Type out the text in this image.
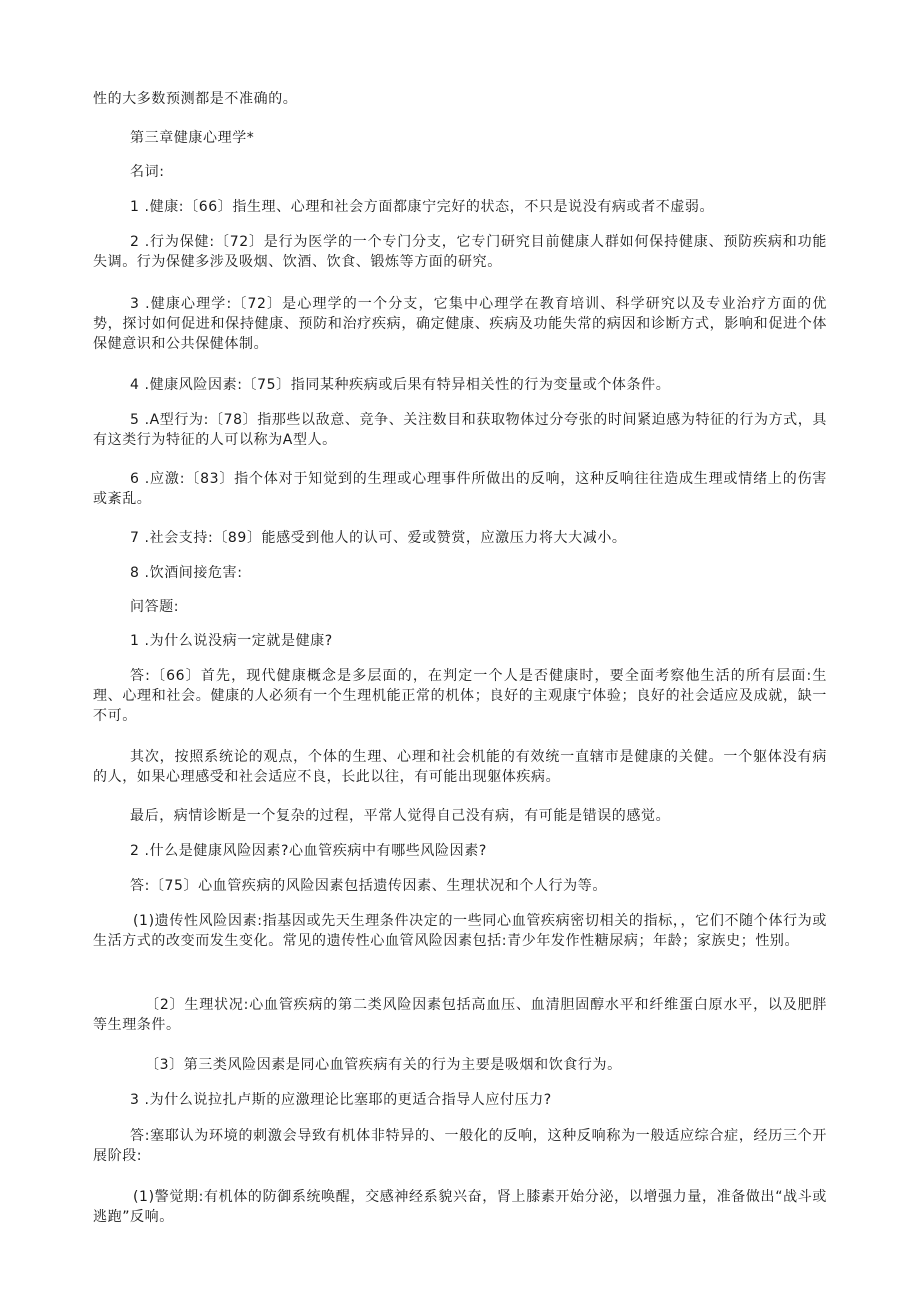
性的大多数预测都是不准确的。
第三章健康心理学*
名词:
1 .健康:〔66〕指生理、心理和社会方面都康宁完好的状态，不只是说没有病或者不虚弱。
2 .行为保健:〔72〕是行为医学的一个专门分支，它专门研究目前健康人群如何保持健康、预防疾病和功能失调。行为保健多涉及吸烟、饮酒、饮食、锻炼等方面的研究。
3 .健康心理学:〔72〕是心理学的一个分支，它集中心理学在教育培训、科学研究以及专业治疗方面的优势，探讨如何促进和保持健康、预防和治疗疾病，确定健康、疾病及功能失常的病因和诊断方式，影响和促进个体保健意识和公共保健体制。
4 .健康风险因素:〔75〕指同某种疾病或后果有特异相关性的行为变量或个体条件。
5 .A型行为:〔78〕指那些以敌意、竞争、关注数目和获取物体过分夸张的时间紧迫感为特征的行为方式，具有这类行为特征的人可以称为A型人。
6 .应激:〔83〕指个体对于知觉到的生理或心理事件所做出的反响，这种反响往往造成生理或情绪上的伤害或紊乱。
7 .社会支持:〔89〕能感受到他人的认可、爱或赞赏，应激压力将大大减小。
8 .饮酒间接危害:
问答题:
1 .为什么说没病一定就是健康?
答:〔66〕首先，现代健康概念是多层面的，在判定一个人是否健康时，要全面考察他生活的所有层面:生理、心理和社会。健康的人必须有一个生理机能正常的机体；良好的主观康宁体验；良好的社会适应及成就，缺一不可。
其次，按照系统论的观点，个体的生理、心理和社会机能的有效统一直辖市是健康的关健。一个躯体没有病的人，如果心理感受和社会适应不良，长此以往，有可能出现躯体疾病。
最后，病情诊断是一个复杂的过程，平常人觉得自己没有病，有可能是错误的感觉。
2 .什么是健康风险因素?心血管疾病中有哪些风险因素?
答:〔75〕心血管疾病的风险因素包括遗传因素、生理状况和个人行为等。
(1)遗传性风险因素:指基因或先天生理条件决定的一些同心血管疾病密切相关的指标，，它们不随个体行为或生活方式的改变而发生变化。常见的遗传性心血管风险因素包括:青少年发作性糖尿病；年龄；家族史；性别。
〔2〕生理状况:心血管疾病的第二类风险因素包括高血压、血清胆固醇水平和纤维蛋白原水平，以及肥胖等生理条件。
〔3〕第三类风险因素是同心血管疾病有关的行为主要是吸烟和饮食行为。
3 .为什么说拉扎卢斯的应激理论比塞耶的更适合指导人应付压力?
答:塞耶认为环境的刺激会导致有机体非特异的、一般化的反响，这种反响称为一般适应综合症，经历三个开展阶段:
(1)警觉期:有机体的防御系统唤醒，交感神经系貌兴奋，肾上膝素开始分泌，以增强力量，准备做出“战斗或逃跑”反响。
